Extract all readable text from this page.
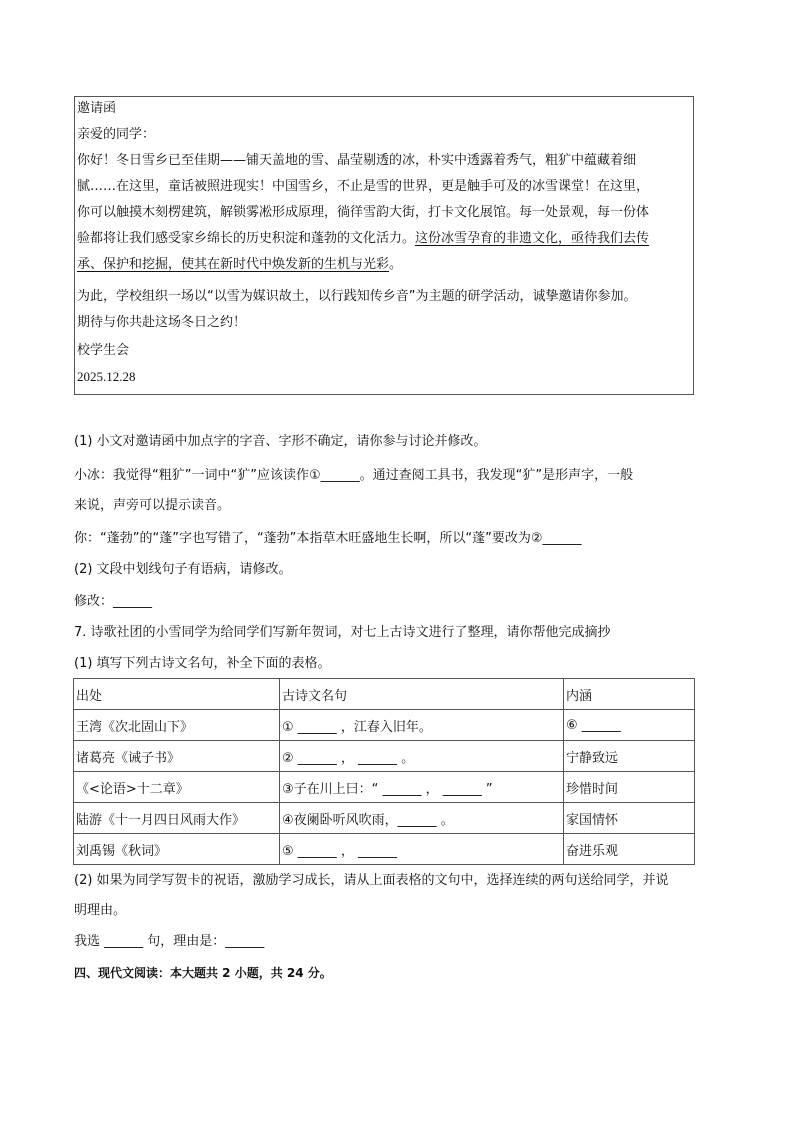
邀请函
亲爱的同学：
你好！冬日雪乡已至佳期——铺天盖地的雪、晶莹剔透的冰，朴实中透露着秀气，粗犷中蕴藏着细
腻……在这里，童话被照进现实！中国雪乡，不止是雪的世界，更是触手可及的冰雪课堂！在这里，
你可以触摸木刻楞建筑，解锁雾凇形成原理，徜徉雪韵大街，打卡文化展馆。每一处景观，每一份体
验都将让我们感受家乡绵长的历史积淀和蓬勃的文化活力。这份冰雪孕育的非遗文化，亟待我们去传
承、保护和挖掘，使其在新时代中焕发新的生机与光彩。
为此，学校组织一场以“以雪为媒识故土，以行践知传乡音”为主题的研学活动，诚挚邀请你参加。
期待与你共赴这场冬日之约！
校学生会
2025.12.28
(1) 小文对邀请函中加点字的字音、字形不确定，请你参与讨论并修改。
小冰：我觉得“粗犷”一词中“犷”应该读作①______。通过查阅工具书，我发现“犷”是形声字，一般
来说，声旁可以提示读音。
你：“蓬勃”的“蓬”字也写错了，“蓬勃”本指草木旺盛地生长啊，所以“蓬”要改为②______
(2) 文段中划线句子有语病，请修改。
修改：______
7. 诗歌社团的小雪同学为给同学们写新年贺词，对七上古诗文进行了整理，请你帮他完成摘抄
(1) 填写下列古诗文名句，补全下面的表格。
出处	古诗文名句	内涵
王湾《次北固山下》	① ______ ，江春入旧年。	⑥ ______
诸葛亮《诫子书》	② ______ ， ______ 。	宁静致远
《<论语>十二章》	③子在川上曰：“ ______ ， ______ ”	珍惜时间
陆游《十一月四日风雨大作》	④夜阑卧听风吹雨，______ 。	家国情怀
刘禹锡《秋词》	⑤ ______ ， ______	奋进乐观
(2) 如果为同学写贺卡的祝语，激励学习成长，请从上面表格的文句中，选择连续的两句送给同学，并说
明理由。
我选 ______ 句，理由是：______
四、现代文阅读：本大题共 2 小题，共 24 分。
